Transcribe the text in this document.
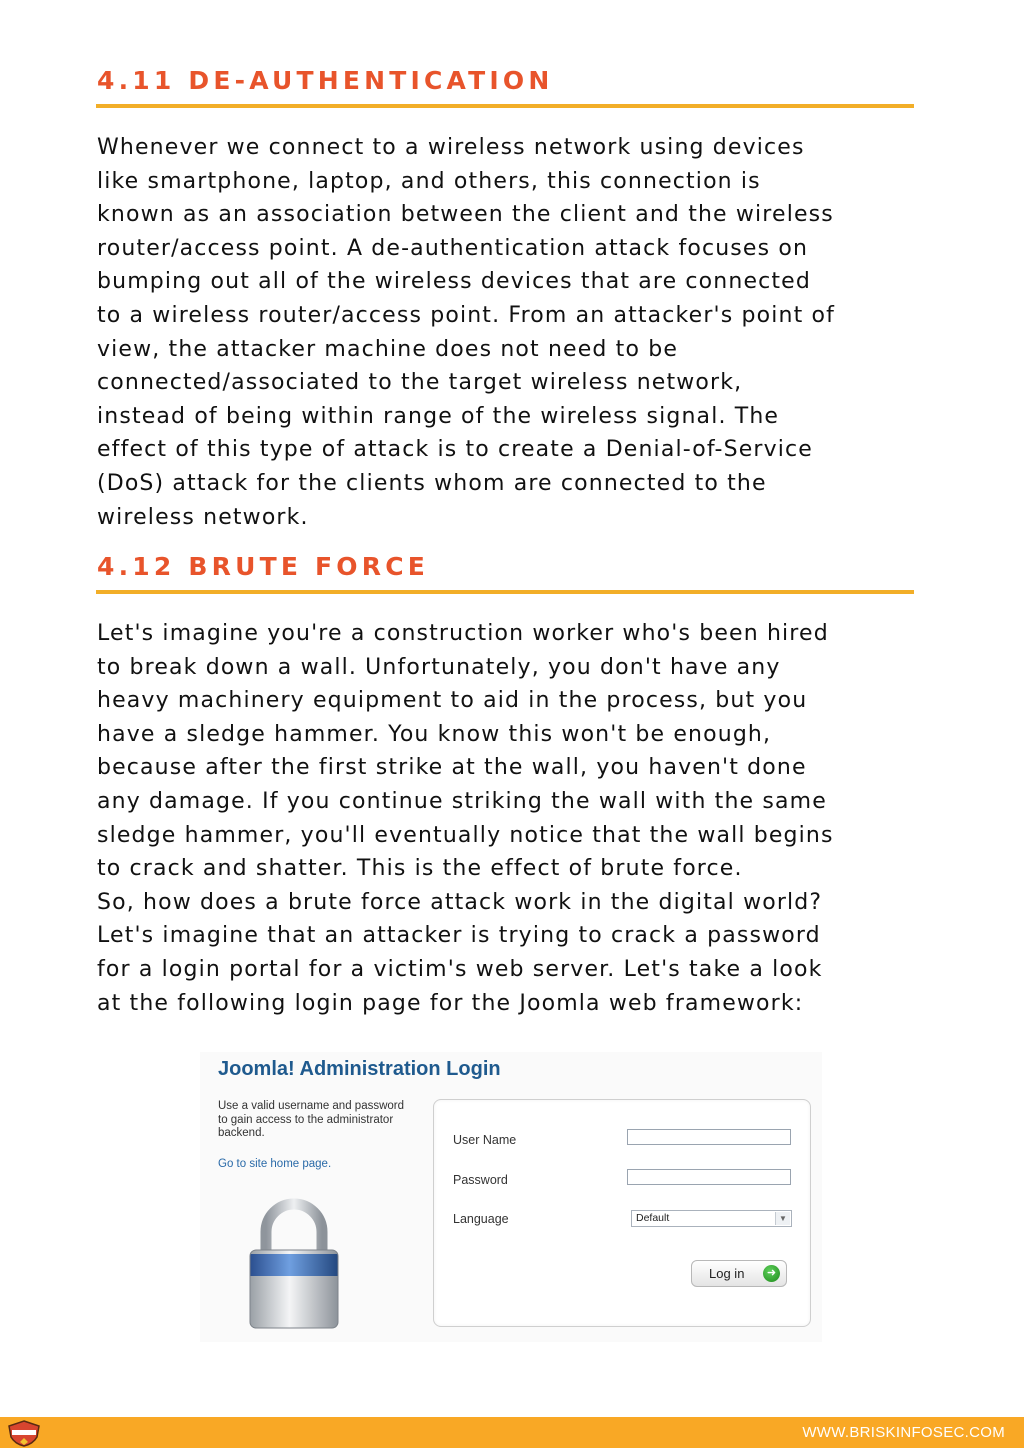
4.11 DE-AUTHENTICATION

Whenever we connect to a wireless network using devices
like smartphone, laptop, and others, this connection is
known as an association between the client and the wireless
router/access point. A de-authentication attack focuses on
bumping out all of the wireless devices that are connected
to a wireless router/access point. From an attacker's point of
view, the attacker machine does not need to be
connected/associated to the target wireless network,
instead of being within range of the wireless signal. The
effect of this type of attack is to create a Denial-of-Service
(DoS) attack for the clients whom are connected to the
wireless network.

4.12 BRUTE FORCE

Let's imagine you're a construction worker who's been hired
to break down a wall. Unfortunately, you don't have any
heavy machinery equipment to aid in the process, but you
have a sledge hammer. You know this won't be enough,
because after the first strike at the wall, you haven't done
any damage. If you continue striking the wall with the same
sledge hammer, you'll eventually notice that the wall begins
to crack and shatter. This is the effect of brute force.
So, how does a brute force attack work in the digital world?
Let's imagine that an attacker is trying to crack a password
for a login portal for a victim's web server. Let's take a look
at the following login page for the Joomla web framework:

Joomla! Administration Login
Use a valid username and password
to gain access to the administrator
backend.
Go to site home page.
User Name
Password
Language	Default	▼
Log in	➜
WWW.BRISKINFOSEC.COM
